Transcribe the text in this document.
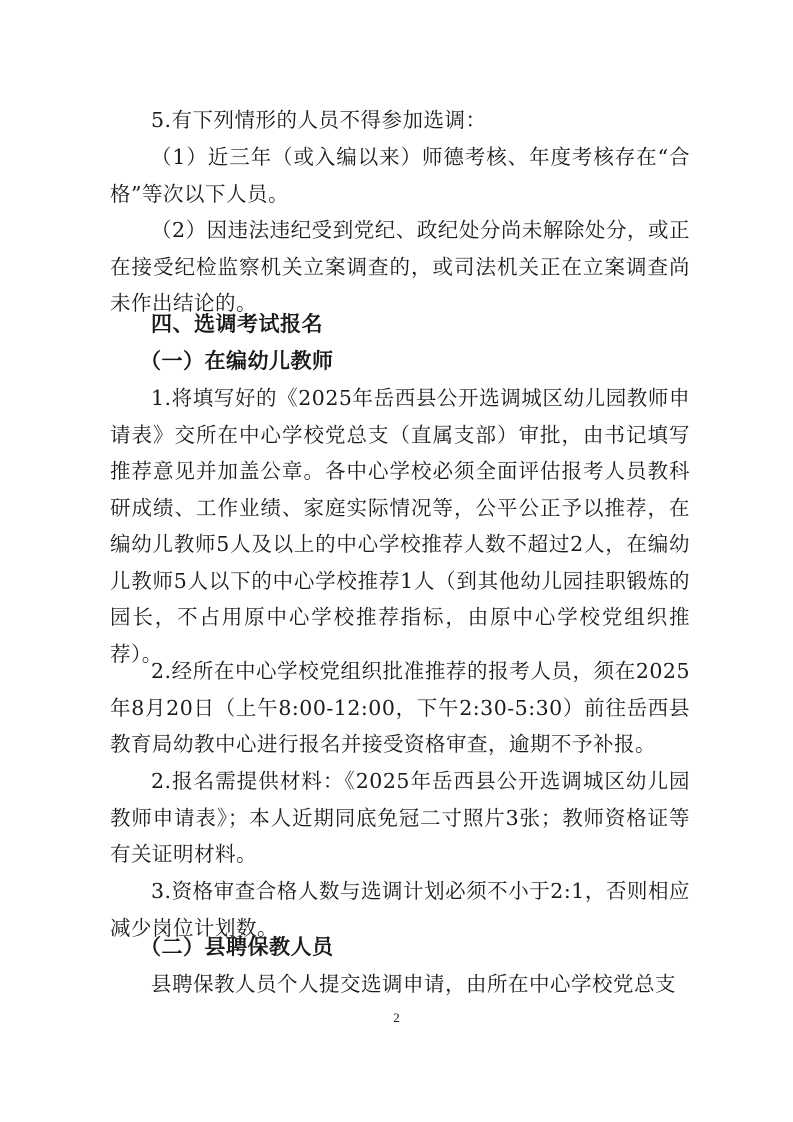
5.有下列情形的人员不得参加选调：

（1）近三年（或入编以来）师德考核、年度考核存在“合格”等次以下人员。

（2）因违法违纪受到党纪、政纪处分尚未解除处分，或正在接受纪检监察机关立案调查的，或司法机关正在立案调查尚未作出结论的。

四、选调考试报名
（一）在编幼儿教师

1.将填写好的《2025年岳西县公开选调城区幼儿园教师申请表》交所在中心学校党总支（直属支部）审批，由书记填写推荐意见并加盖公章。各中心学校必须全面评估报考人员教科研成绩、工作业绩、家庭实际情况等，公平公正予以推荐，在编幼儿教师5人及以上的中心学校推荐人数不超过2人，在编幼儿教师5人以下的中心学校推荐1人（到其他幼儿园挂职锻炼的园长，不占用原中心学校推荐指标，由原中心学校党组织推荐）。

2.经所在中心学校党组织批准推荐的报考人员，须在2025年8月20日（上午8:00-12:00，下午2:30-5:30）前往岳西县教育局幼教中心进行报名并接受资格审查，逾期不予补报。

2.报名需提供材料：《2025年岳西县公开选调城区幼儿园教师申请表》；本人近期同底免冠二寸照片3张；教师资格证等有关证明材料。

3.资格审查合格人数与选调计划必须不小于2:1，否则相应减少岗位计划数。

（二）县聘保教人员

县聘保教人员个人提交选调申请，由所在中心学校党总支

2
